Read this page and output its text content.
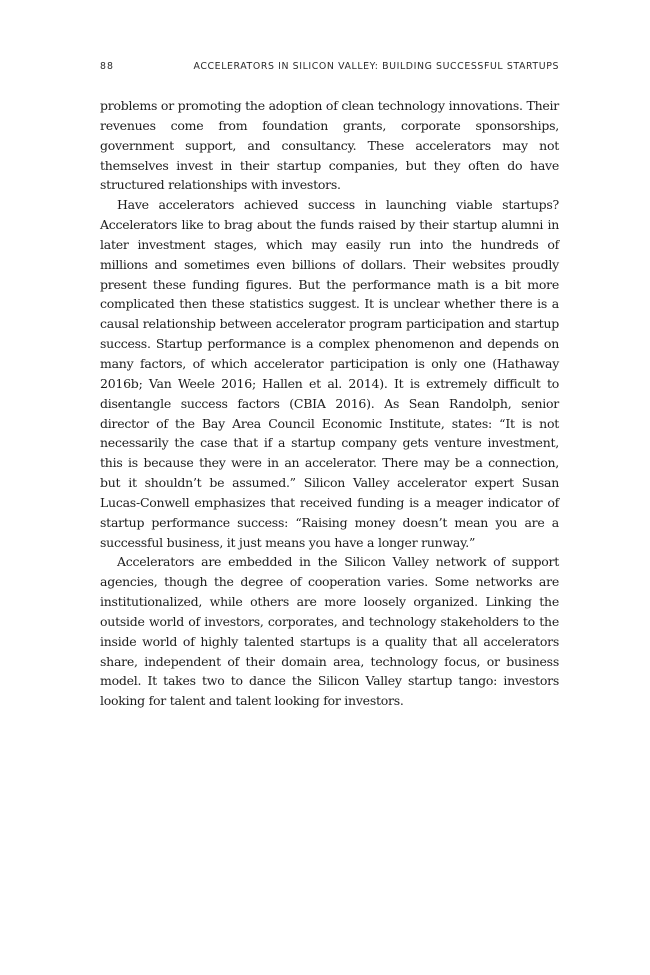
88	ACCELERATORS IN SILICON VALLEY: BUILDING SUCCESSFUL STARTUPS

problems or promoting the adoption of clean technology innovations. Their revenues come from foundation grants, corporate sponsorships, government support, and consultancy. These accelerators may not themselves invest in their startup companies, but they often do have structured relationships with investors.

Have accelerators achieved success in launching viable startups? Accelerators like to brag about the funds raised by their startup alumni in later investment stages, which may easily run into the hundreds of millions and sometimes even billions of dollars. Their websites proudly present these funding figures. But the performance math is a bit more complicated then these statistics suggest. It is unclear whether there is a causal relationship between accelerator program participation and startup success. Startup performance is a complex phenomenon and depends on many factors, of which accelerator participation is only one (Hathaway 2016b; Van Weele 2016; Hallen et al. 2014). It is extremely difficult to disentangle success factors (CBIA 2016). As Sean Randolph, senior director of the Bay Area Council Economic Institute, states: “It is not necessarily the case that if a startup company gets venture investment, this is because they were in an accelerator. There may be a connection, but it shouldn’t be assumed.” Silicon Valley accelerator expert Susan Lucas-Conwell emphasizes that received funding is a meager indicator of startup performance success: “Raising money doesn’t mean you are a successful business, it just means you have a longer runway.”

Accelerators are embedded in the Silicon Valley network of support agencies, though the degree of cooperation varies. Some networks are institutionalized, while others are more loosely organized. Linking the outside world of investors, corporates, and technology stakeholders to the inside world of highly talented startups is a quality that all accelerators share, independent of their domain area, technology focus, or business model. It takes two to dance the Silicon Valley startup tango: investors looking for talent and talent looking for investors.
